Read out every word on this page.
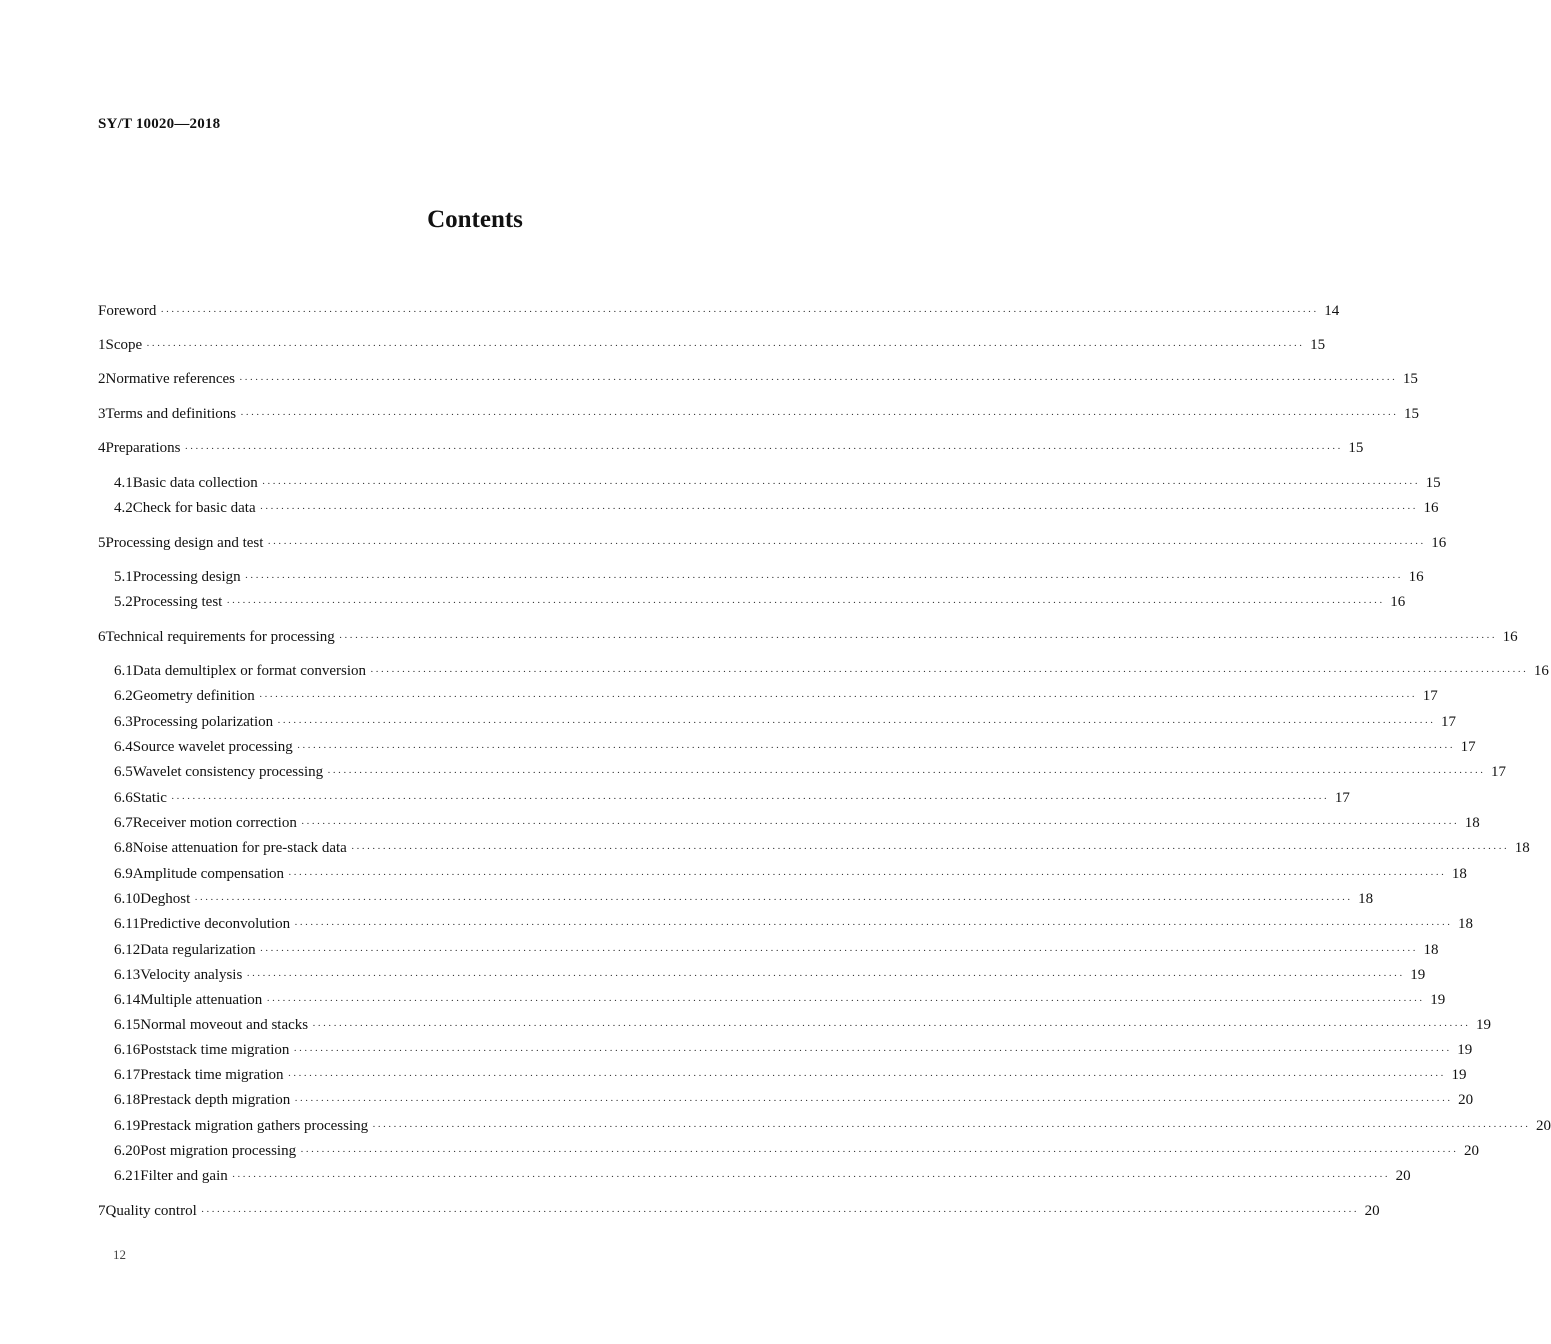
SY/T 10020—2018
Contents
Foreword ···························································································································································································································· 14
1 Scope ···························································································································································································································· 15
2 Normative references ···························································································································································································································· 15
3 Terms and definitions ···························································································································································································································· 15
4 Preparations ···························································································································································································································· 15
4.1 Basic data collection ···························································································································································································································· 15
4.2 Check for basic data ···························································································································································································································· 16
5 Processing design and test ···························································································································································································································· 16
5.1 Processing design ···························································································································································································································· 16
5.2 Processing test ···························································································································································································································· 16
6 Technical requirements for processing ···························································································································································································································· 16
6.1 Data demultiplex or format conversion ···························································································································································································································· 16
6.2 Geometry definition ···························································································································································································································· 17
6.3 Processing polarization ···························································································································································································································· 17
6.4 Source wavelet processing ···························································································································································································································· 17
6.5 Wavelet consistency processing ···························································································································································································································· 17
6.6 Static ···························································································································································································································· 17
6.7 Receiver motion correction ···························································································································································································································· 18
6.8 Noise attenuation for pre-stack data ···························································································································································································································· 18
6.9 Amplitude compensation ···························································································································································································································· 18
6.10 Deghost ···························································································································································································································· 18
6.11 Predictive deconvolution ···························································································································································································································· 18
6.12 Data regularization ···························································································································································································································· 18
6.13 Velocity analysis ···························································································································································································································· 19
6.14 Multiple attenuation ···························································································································································································································· 19
6.15 Normal moveout and stacks ···························································································································································································································· 19
6.16 Poststack time migration ···························································································································································································································· 19
6.17 Prestack time migration ···························································································································································································································· 19
6.18 Prestack depth migration ···························································································································································································································· 20
6.19 Prestack migration gathers processing ···························································································································································································································· 20
6.20 Post migration processing ···························································································································································································································· 20
6.21 Filter and gain ···························································································································································································································· 20
7 Quality control ···························································································································································································································· 20
12
